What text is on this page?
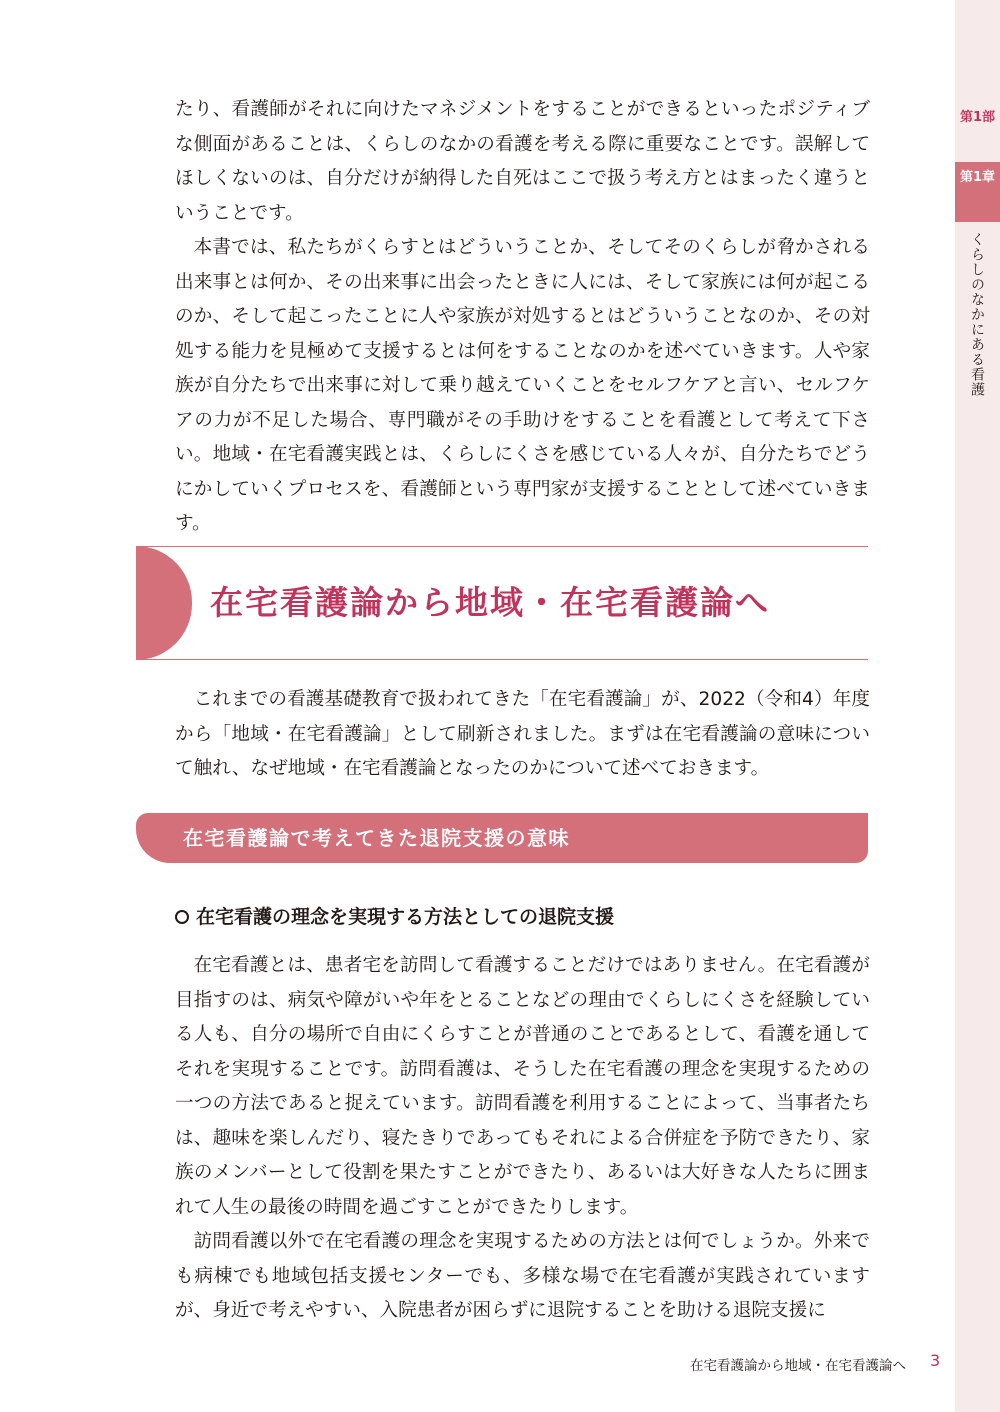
第1部
第1章
くらしのなかにある看護

たり、看護師がそれに向けたマネジメントをすることができるといったポジティブな側面があることは、くらしのなかの看護を考える際に重要なことです。誤解してほしくないのは、自分だけが納得した自死はここで扱う考え方とはまったく違うということです。

本書では、私たちがくらすとはどういうことか、そしてそのくらしが脅かされる出来事とは何か、その出来事に出会ったときに人には、そして家族には何が起こるのか、そして起こったことに人や家族が対処するとはどういうことなのか、その対処する能力を見極めて支援するとは何をすることなのかを述べていきます。人や家族が自分たちで出来事に対して乗り越えていくことをセルフケアと言い、セルフケアの力が不足した場合、専門職がその手助けをすることを看護として考えて下さい。地域・在宅看護実践とは、くらしにくさを感じている人々が、自分たちでどうにかしていくプロセスを、看護師という専門家が支援することとして述べていきます。

在宅看護論から地域・在宅看護論へ

これまでの看護基礎教育で扱われてきた「在宅看護論」が、2022（令和4）年度から「地域・在宅看護論」として刷新されました。まずは在宅看護論の意味について触れ、なぜ地域・在宅看護論となったのかについて述べておきます。

在宅看護論で考えてきた退院支援の意味
在宅看護の理念を実現する方法としての退院支援

在宅看護とは、患者宅を訪問して看護することだけではありません。在宅看護が目指すのは、病気や障がいや年をとることなどの理由でくらしにくさを経験している人も、自分の場所で自由にくらすことが普通のことであるとして、看護を通してそれを実現することです。訪問看護は、そうした在宅看護の理念を実現するための一つの方法であると捉えています。訪問看護を利用することによって、当事者たちは、趣味を楽しんだり、寝たきりであってもそれによる合併症を予防できたり、家族のメンバーとして役割を果たすことができたり、あるいは大好きな人たちに囲まれて人生の最後の時間を過ごすことができたりします。

訪問看護以外で在宅看護の理念を実現するための方法とは何でしょうか。外来でも病棟でも地域包括支援センターでも、多様な場で在宅看護が実践されていますが、身近で考えやすい、入院患者が困らずに退院することを助ける退院支援に

在宅看護論から地域・在宅看護論へ 3
